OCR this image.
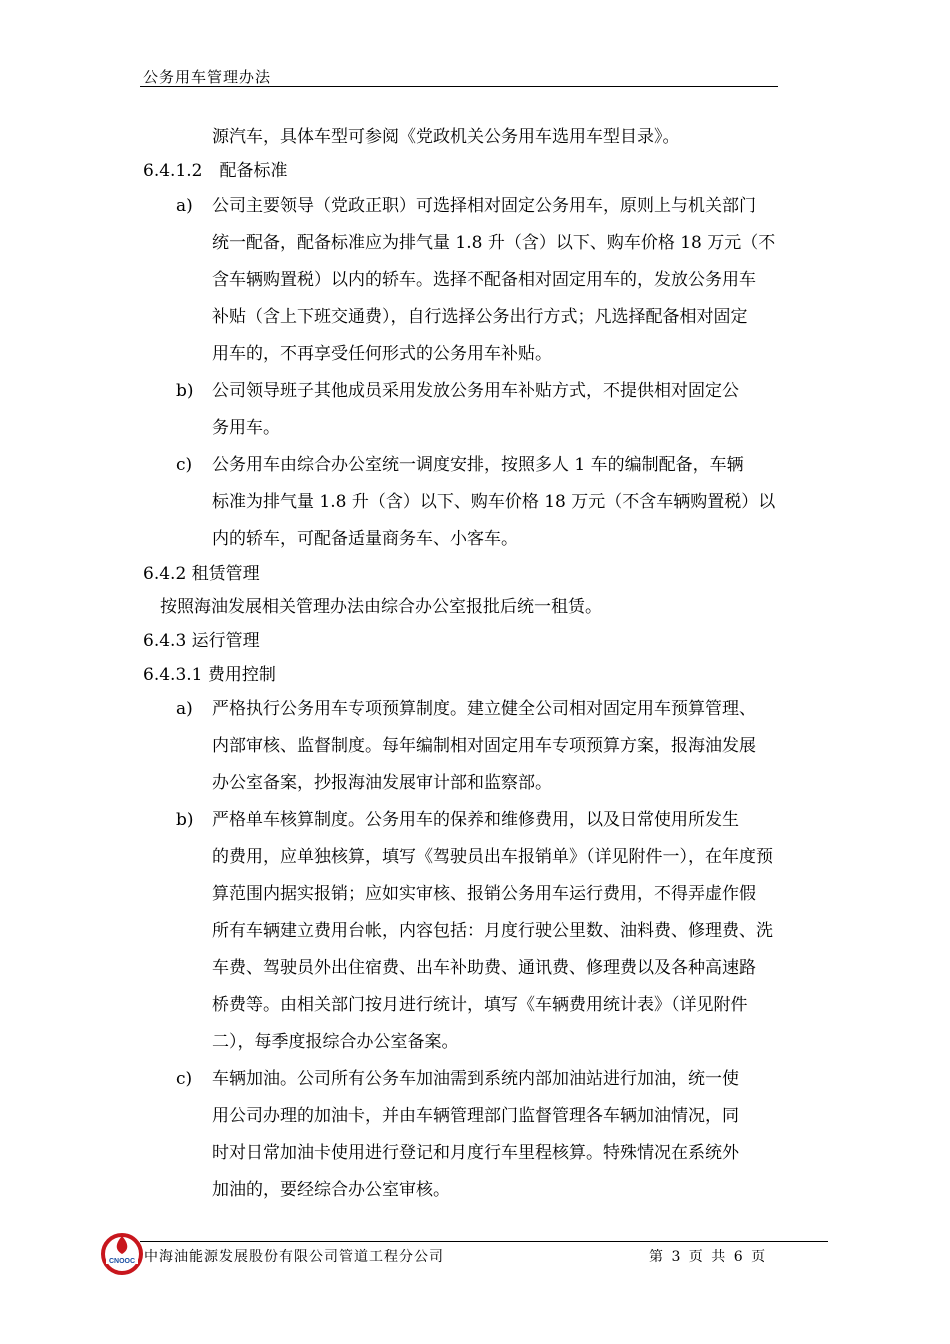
公务用车管理办法
源汽车，具体车型可参阅《党政机关公务用车选用车型目录》。
6.4.1.2　配备标准
a) 公司主要领导（党政正职）可选择相对固定公务用车，原则上与机关部门
统一配备，配备标准应为排气量 1.8 升（含）以下、购车价格 18 万元（不
含车辆购置税）以内的轿车。选择不配备相对固定用车的，发放公务用车
补贴（含上下班交通费），自行选择公务出行方式；凡选择配备相对固定
用车的，不再享受任何形式的公务用车补贴。
b) 公司领导班子其他成员采用发放公务用车补贴方式，不提供相对固定公
务用车。
c) 公务用车由综合办公室统一调度安排，按照多人 1 车的编制配备，车辆
标准为排气量 1.8 升（含）以下、购车价格 18 万元（不含车辆购置税）以
内的轿车，可配备适量商务车、小客车。
6.4.2 租赁管理
按照海油发展相关管理办法由综合办公室报批后统一租赁。
6.4.3 运行管理
6.4.3.1 费用控制
a) 严格执行公务用车专项预算制度。建立健全公司相对固定用车预算管理、
内部审核、监督制度。每年编制相对固定用车专项预算方案，报海油发展
办公室备案，抄报海油发展审计部和监察部。
b) 严格单车核算制度。公务用车的保养和维修费用，以及日常使用所发生
的费用，应单独核算，填写《驾驶员出车报销单》（详见附件一），在年度预
算范围内据实报销；应如实审核、报销公务用车运行费用，不得弄虚作假
所有车辆建立费用台帐，内容包括：月度行驶公里数、油料费、修理费、洗
车费、驾驶员外出住宿费、出车补助费、通讯费、修理费以及各种高速路
桥费等。由相关部门按月进行统计，填写《车辆费用统计表》（详见附件
二），每季度报综合办公室备案。
c) 车辆加油。公司所有公务车加油需到系统内部加油站进行加油，统一使
用公司办理的加油卡，并由车辆管理部门监督管理各车辆加油情况，同
时对日常加油卡使用进行登记和月度行车里程核算。特殊情况在系统外
加油的，要经综合办公室审核。
CNOOC 中海油能源发展股份有限公司管道工程分公司	第 3 页 共 6 页
